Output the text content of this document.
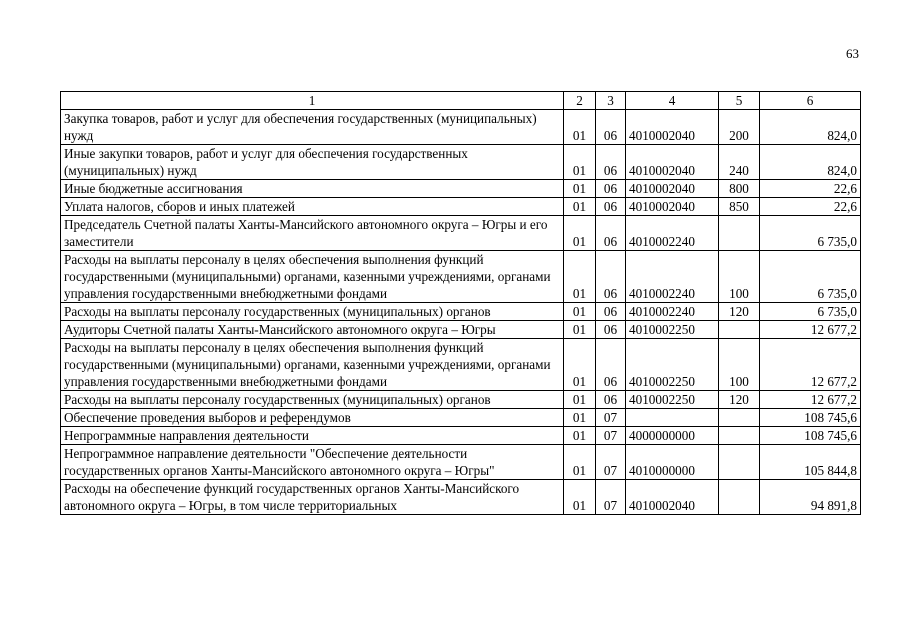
63
1	2	3	4	5	6
Закупка товаров, работ и услуг для обеспечения государственных (муниципальных) нужд	01	06	4010002040	200	824,0
Иные закупки товаров, работ и услуг для обеспечения государственных (муниципальных) нужд	01	06	4010002040	240	824,0
Иные бюджетные ассигнования	01	06	4010002040	800	22,6
Уплата налогов, сборов и иных платежей	01	06	4010002040	850	22,6
Председатель Счетной палаты Ханты-Мансийского автономного округа – Югры и его заместители	01	06	4010002240		6 735,0
Расходы на выплаты персоналу в целях обеспечения выполнения функций государственными (муниципальными) органами, казенными учреждениями, органами управления государственными внебюджетными фондами	01	06	4010002240	100	6 735,0
Расходы на выплаты персоналу государственных (муниципальных) органов	01	06	4010002240	120	6 735,0
Аудиторы Счетной палаты Ханты-Мансийского автономного округа – Югры	01	06	4010002250		12 677,2
Расходы на выплаты персоналу в целях обеспечения выполнения функций государственными (муниципальными) органами, казенными учреждениями, органами управления государственными внебюджетными фондами	01	06	4010002250	100	12 677,2
Расходы на выплаты персоналу государственных (муниципальных) органов	01	06	4010002250	120	12 677,2
Обеспечение проведения выборов и референдумов	01	07			108 745,6
Непрограммные направления деятельности	01	07	4000000000		108 745,6
Непрограммное направление деятельности "Обеспечение деятельности государственных органов Ханты-Мансийского автономного округа – Югры"	01	07	4010000000		105 844,8
Расходы на обеспечение функций государственных органов Ханты-Мансийского автономного округа – Югры, в том числе территориальных	01	07	4010002040		94 891,8
